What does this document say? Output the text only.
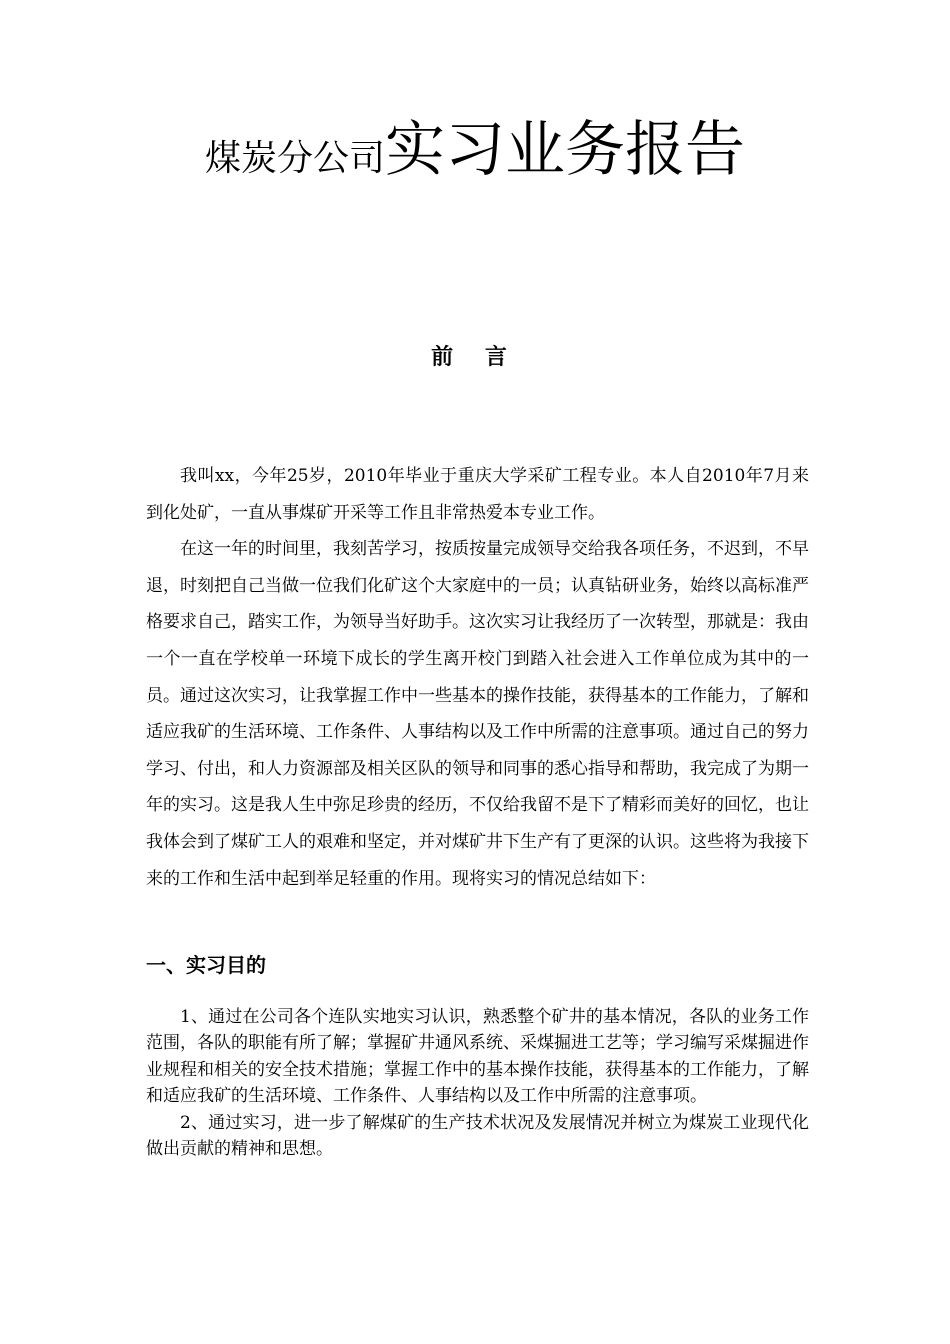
煤炭分公司实习业务报告
前 言

我叫xx，今年25岁，2010年毕业于重庆大学采矿工程专业。本人自2010年7月来到化处矿，一直从事煤矿开采等工作且非常热爱本专业工作。

在这一年的时间里，我刻苦学习，按质按量完成领导交给我各项任务，不迟到，不早退，时刻把自己当做一位我们化矿这个大家庭中的一员；认真钻研业务，始终以高标准严格要求自己，踏实工作，为领导当好助手。这次实习让我经历了一次转型，那就是：我由一个一直在学校单一环境下成长的学生离开校门到踏入社会进入工作单位成为其中的一员。通过这次实习，让我掌握工作中一些基本的操作技能，获得基本的工作能力，了解和适应我矿的生活环境、工作条件、人事结构以及工作中所需的注意事项。通过自己的努力学习、付出，和人力资源部及相关区队的领导和同事的悉心指导和帮助，我完成了为期一年的实习。这是我人生中弥足珍贵的经历，不仅给我留不是下了精彩而美好的回忆，也让我体会到了煤矿工人的艰难和坚定，并对煤矿井下生产有了更深的认识。这些将为我接下来的工作和生活中起到举足轻重的作用。现将实习的情况总结如下：

一、实习目的

1、通过在公司各个连队实地实习认识，熟悉整个矿井的基本情况，各队的业务工作范围，各队的职能有所了解；掌握矿井通风系统、采煤掘进工艺等；学习编写采煤掘进作业规程和相关的安全技术措施；掌握工作中的基本操作技能，获得基本的工作能力，了解和适应我矿的生活环境、工作条件、人事结构以及工作中所需的注意事项。

2、通过实习，进一步了解煤矿的生产技术状况及发展情况并树立为煤炭工业现代化做出贡献的精神和思想。
